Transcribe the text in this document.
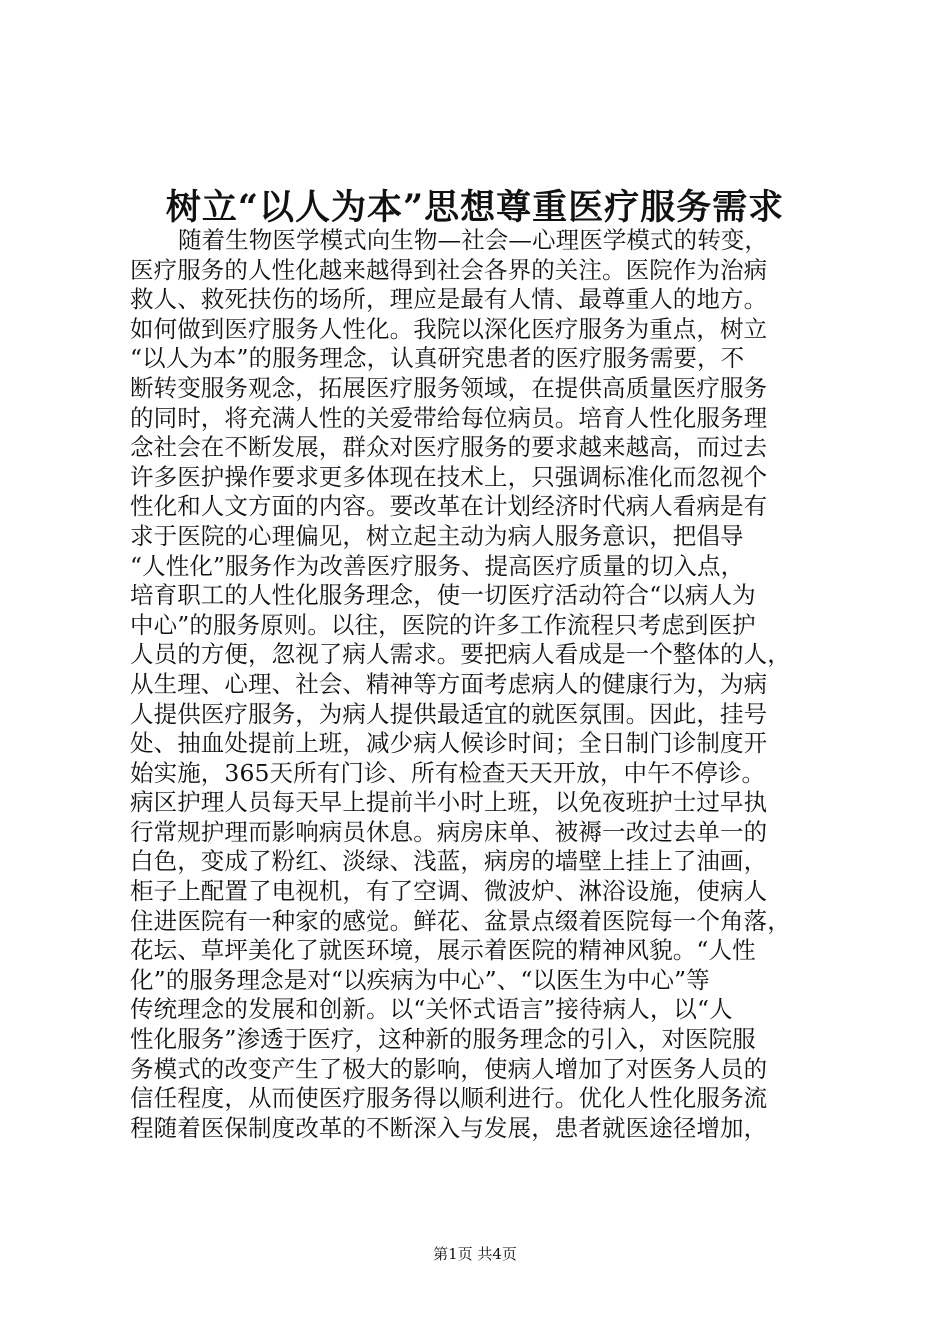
树立“以人为本”思想尊重医疗服务需求
随着生物医学模式向生物—社会—心理医学模式的转变，
医疗服务的人性化越来越得到社会各界的关注。医院作为治病
救人、救死扶伤的场所，理应是最有人情、最尊重人的地方。
如何做到医疗服务人性化。我院以深化医疗服务为重点，树立
“以人为本”的服务理念，认真研究患者的医疗服务需要，不
断转变服务观念，拓展医疗服务领域，在提供高质量医疗服务
的同时，将充满人性的关爱带给每位病员。培育人性化服务理
念社会在不断发展，群众对医疗服务的要求越来越高，而过去
许多医护操作要求更多体现在技术上，只强调标准化而忽视个
性化和人文方面的内容。要改革在计划经济时代病人看病是有
求于医院的心理偏见，树立起主动为病人服务意识，把倡导
“人性化”服务作为改善医疗服务、提高医疗质量的切入点，
培育职工的人性化服务理念，使一切医疗活动符合“以病人为
中心”的服务原则。以往，医院的许多工作流程只考虑到医护
人员的方便，忽视了病人需求。要把病人看成是一个整体的人，
从生理、心理、社会、精神等方面考虑病人的健康行为，为病
人提供医疗服务，为病人提供最适宜的就医氛围。因此，挂号
处、抽血处提前上班，减少病人候诊时间；全日制门诊制度开
始实施，365天所有门诊、所有检查天天开放，中午不停诊。
病区护理人员每天早上提前半小时上班，以免夜班护士过早执
行常规护理而影响病员休息。病房床单、被褥一改过去单一的
白色，变成了粉红、淡绿、浅蓝，病房的墙壁上挂上了油画，
柜子上配置了电视机，有了空调、微波炉、淋浴设施，使病人
住进医院有一种家的感觉。鲜花、盆景点缀着医院每一个角落，
花坛、草坪美化了就医环境，展示着医院的精神风貌。“人性
化”的服务理念是对“以疾病为中心”、“以医生为中心”等
传统理念的发展和创新。以“关怀式语言”接待病人，以“人
性化服务”渗透于医疗，这种新的服务理念的引入，对医院服
务模式的改变产生了极大的影响，使病人增加了对医务人员的
信任程度，从而使医疗服务得以顺利进行。优化人性化服务流
程随着医保制度改革的不断深入与发展，患者就医途径增加，
第1页 共4页
